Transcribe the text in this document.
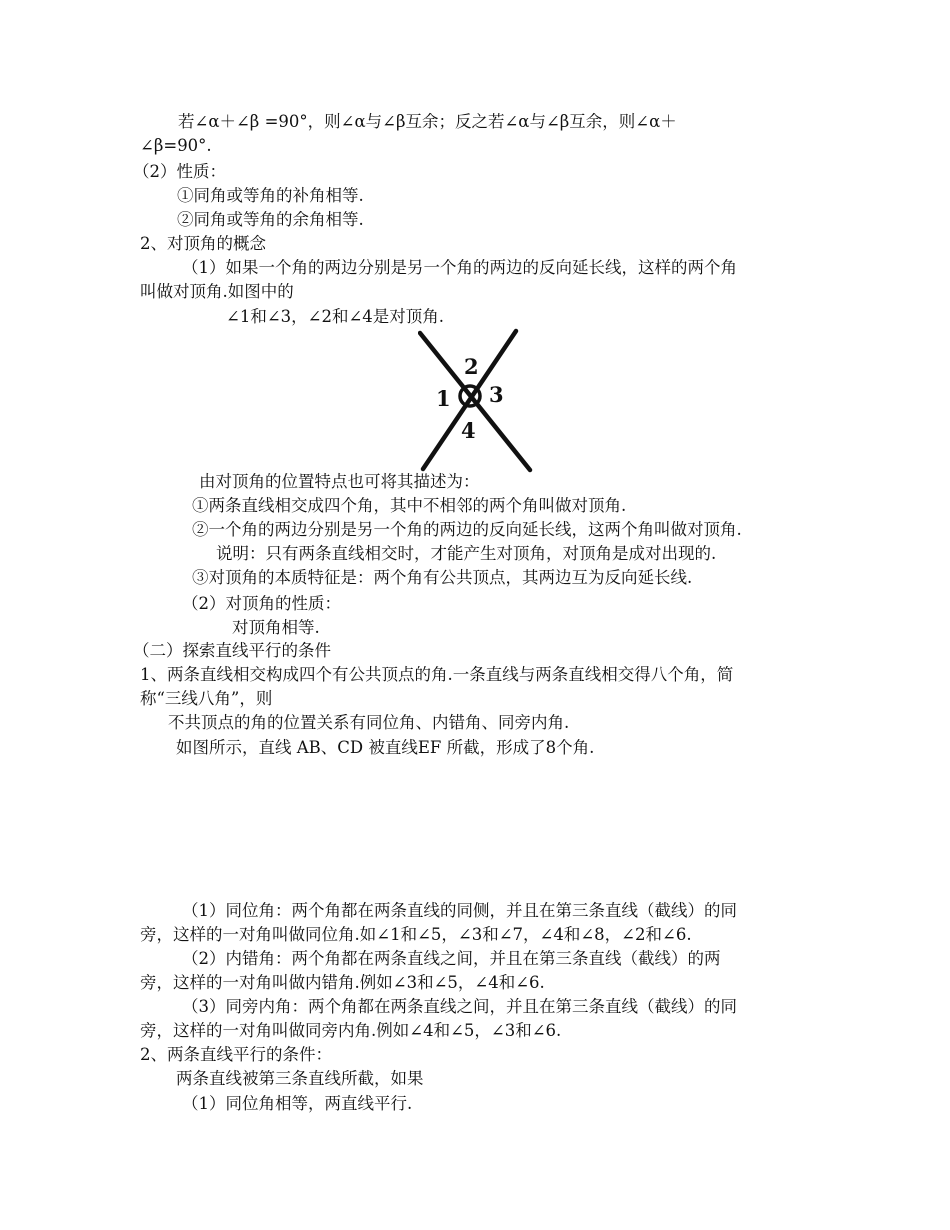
若∠α＋∠β =90°，则∠α与∠β互余；反之若∠α与∠β互余，则∠α＋
∠β=90°.
（2）性质：
①同角或等角的补角相等.
②同角或等角的余角相等.
2、对顶角的概念
（1）如果一个角的两边分别是另一个角的两边的反向延长线，这样的两个角
叫做对顶角.如图中的
∠1和∠3，∠2和∠4是对顶角.
2
1 3
4
由对顶角的位置特点也可将其描述为：
①两条直线相交成四个角，其中不相邻的两个角叫做对顶角.
②一个角的两边分别是另一个角的两边的反向延长线，这两个角叫做对顶角.
说明：只有两条直线相交时，才能产生对顶角，对顶角是成对出现的.
③对顶角的本质特征是：两个角有公共顶点，其两边互为反向延长线.
（2）对顶角的性质：
对顶角相等.
（二）探索直线平行的条件
1、两条直线相交构成四个有公共顶点的角.一条直线与两条直线相交得八个角，简
称“三线八角”，则
不共顶点的角的位置关系有同位角、内错角、同旁内角.
如图所示，直线 AB、CD 被直线EF 所截，形成了8个角.
（1）同位角：两个角都在两条直线的同侧，并且在第三条直线（截线）的同
旁，这样的一对角叫做同位角.如∠1和∠5，∠3和∠7，∠4和∠8，∠2和∠6.
（2）内错角：两个角都在两条直线之间，并且在第三条直线（截线）的两
旁，这样的一对角叫做内错角.例如∠3和∠5，∠4和∠6.
（3）同旁内角：两个角都在两条直线之间，并且在第三条直线（截线）的同
旁，这样的一对角叫做同旁内角.例如∠4和∠5，∠3和∠6.
2、两条直线平行的条件：
两条直线被第三条直线所截，如果
（1）同位角相等，两直线平行.
